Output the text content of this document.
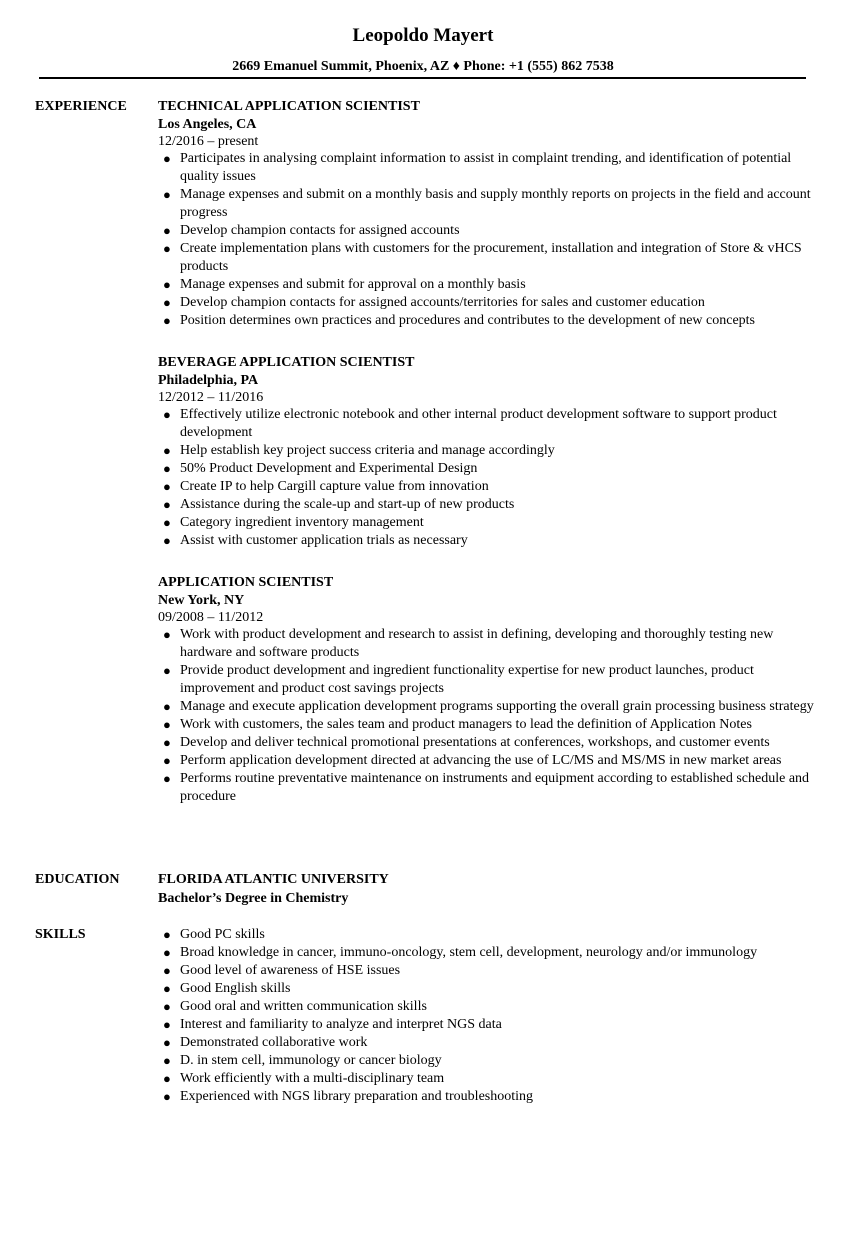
Leopoldo Mayert
2669 Emanuel Summit, Phoenix, AZ ♦ Phone: +1 (555) 862 7538
EXPERIENCE TECHNICAL APPLICATION SCIENTIST
Los Angeles, CA
12/2016 – present
● Participates in analysing complaint information to assist in complaint trending, and identification of potential quality issues
● Manage expenses and submit on a monthly basis and supply monthly reports on projects in the field and account progress
● Develop champion contacts for assigned accounts
● Create implementation plans with customers for the procurement, installation and integration of Store & vHCS products
● Manage expenses and submit for approval on a monthly basis
● Develop champion contacts for assigned accounts/territories for sales and customer education
● Position determines own practices and procedures and contributes to the development of new concepts
BEVERAGE APPLICATION SCIENTIST
Philadelphia, PA
12/2012 – 11/2016
● Effectively utilize electronic notebook and other internal product development software to support product development
● Help establish key project success criteria and manage accordingly
● 50% Product Development and Experimental Design
● Create IP to help Cargill capture value from innovation
● Assistance during the scale-up and start-up of new products
● Category ingredient inventory management
● Assist with customer application trials as necessary
APPLICATION SCIENTIST
New York, NY
09/2008 – 11/2012
● Work with product development and research to assist in defining, developing and thoroughly testing new hardware and software products
● Provide product development and ingredient functionality expertise for new product launches, product improvement and product cost savings projects
● Manage and execute application development programs supporting the overall grain processing business strategy
● Work with customers, the sales team and product managers to lead the definition of Application Notes
● Develop and deliver technical promotional presentations at conferences, workshops, and customer events
● Perform application development directed at advancing the use of LC/MS and MS/MS in new market areas
● Performs routine preventative maintenance on instruments and equipment according to established schedule and procedure
EDUCATION	FLORIDA ATLANTIC UNIVERSITY
Bachelor’s Degree in Chemistry
SKILLS	● Good PC skills
● Broad knowledge in cancer, immuno-oncology, stem cell, development, neurology and/or immunology
● Good level of awareness of HSE issues
● Good English skills
● Good oral and written communication skills
● Interest and familiarity to analyze and interpret NGS data
● Demonstrated collaborative work
● D. in stem cell, immunology or cancer biology
● Work efficiently with a multi-disciplinary team
● Experienced with NGS library preparation and troubleshooting
